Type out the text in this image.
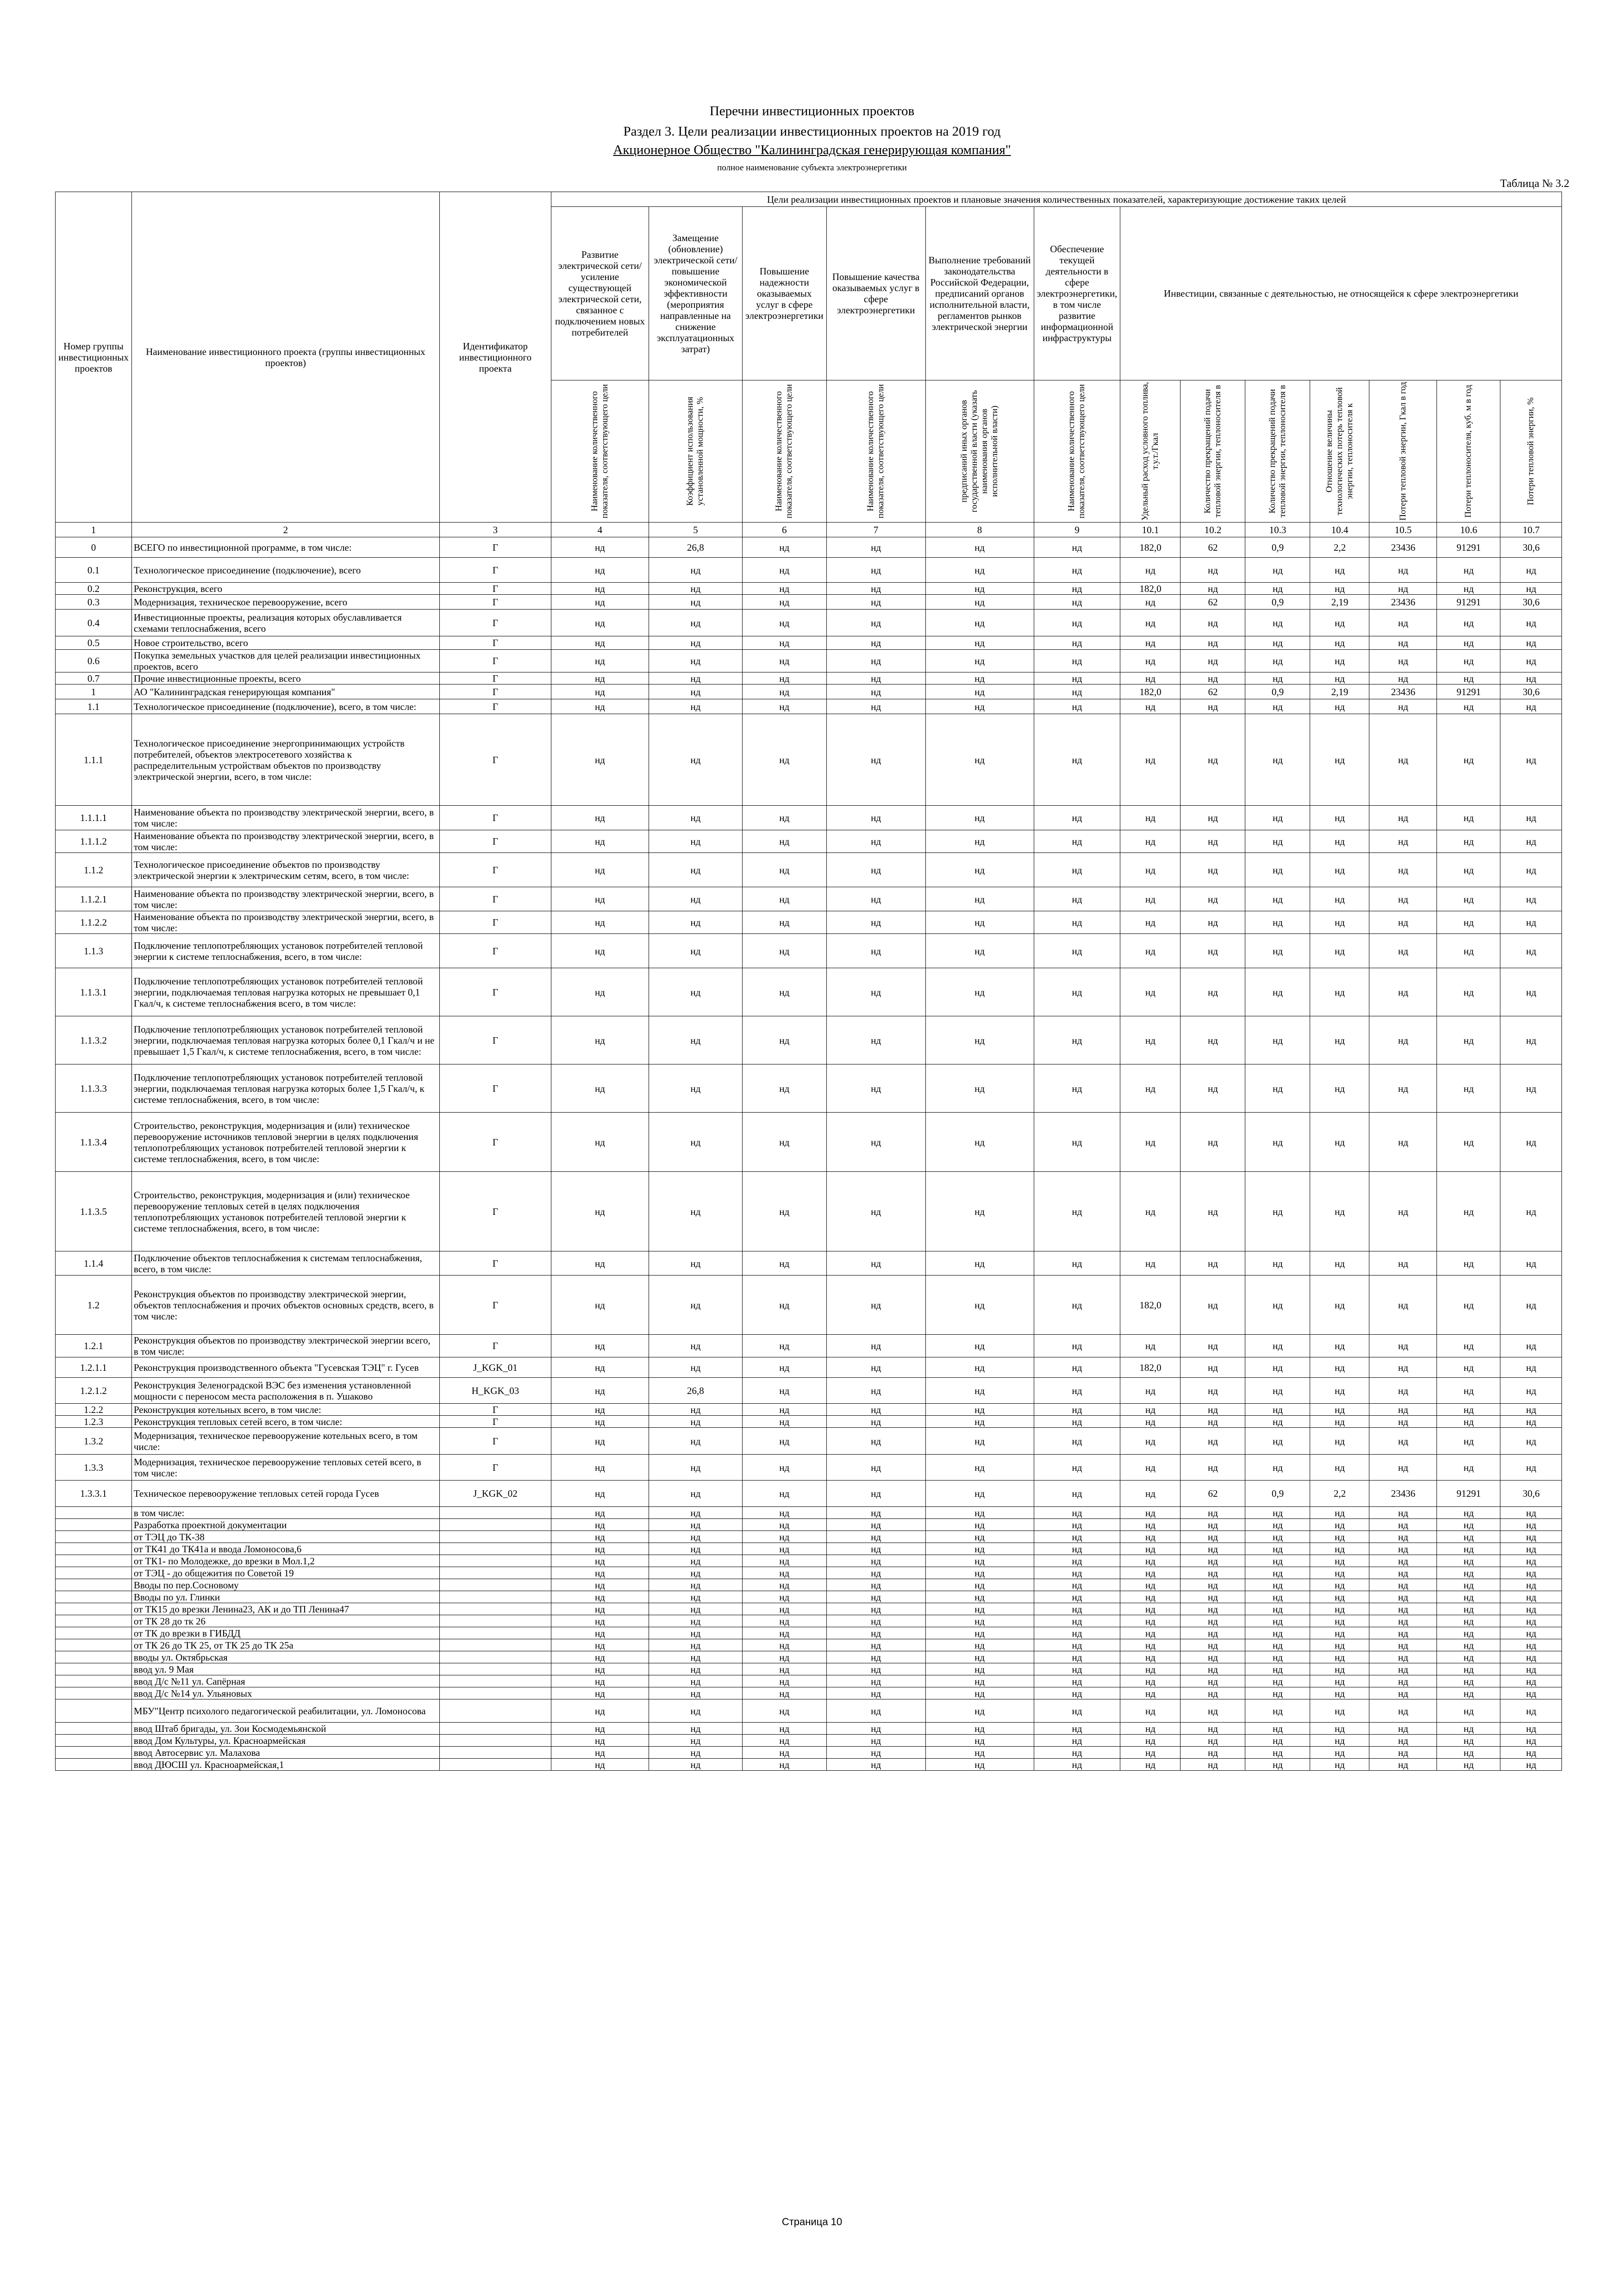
Перечни инвестиционных проектов
Раздел 3. Цели реализации инвестиционных проектов на 2019 год
Акционерное Общество "Калининградская генерирующая компания"
полное наименование субъекта электроэнергетики
Таблица № 3.2
Номер группы инвестиционных проектов	Наименование инвестиционного проекта (группы инвестиционных проектов)	Идентификатор инвестиционного проекта	Цели реализации инвестиционных проектов и плановые значения количественных показателей, характеризующие достижение таких целей												
			Развитие электрической сети/усиление существующей электрической сети, связанное с подключением новых потребителей	Замещение (обновление) электрической сети/повышение экономической эффективности (мероприятия направленные на снижение эксплуатационных затрат)	Повышение надежности оказываемых услуг в сфере электроэнергетики	Повышение качества оказываемых услуг в сфере электроэнергетики	Выполнение требований законодательства Российской Федерации, предписаний органов исполнительной власти, регламентов рынков электрической энергии	Обеспечение текущей деятельности в сфере электроэнергетики, в том числе развитие информационной инфраструктуры	Инвестиции, связанные с деятельностью, не относящейся к сфере электроэнергетики						

			Наименование количественного показателя, соответствующего цели	Коэффициент использования установленной мощности, %	Наименование количественного показателя, соответствующего цели	Наименование количественного показателя, соответствующего цели	предписаний иных органов государственной власти (указать наименования органов исполнительной власти)	Наименование количественного показателя, соответствующего цели	Удельный расход условного топлива, т.у.т./Гкал	Количество прекращений подачи тепловой энергии, теплоносителя в	Количество прекращений подачи тепловой энергии, теплоносителя в	Отношение величины технологических потерь тепловой энергии, теплоносителя к	Потери тепловой энергии, Гкал в год	Потери теплоносителя, куб. м в год	Потери тепловой энергии, %

1	2	3	4	5	6	7	8	9	10.1	10.2	10.3	10.4	10.5	10.6	10.7
0	ВСЕГО по инвестиционной программе, в том числе:	Г	нд	26,8	нд	нд	нд	нд	182,0	62	0,9	2,2	23436	91291	30,6
0.1	Технологическое присоединение (подключение), всего	Г	нд	нд	нд	нд	нд	нд	нд	нд	нд	нд	нд	нд	нд
0.2	Реконструкция, всего	Г	нд	нд	нд	нд	нд	нд	182,0	нд	нд	нд	нд	нд	нд
0.3	Модернизация, техническое перевооружение, всего	Г	нд	нд	нд	нд	нд	нд	нд	62	0,9	2,19	23436	91291	30,6
0.4	Инвестиционные проекты, реализация которых обуславливается схемами теплоснабжения, всего	Г	нд	нд	нд	нд	нд	нд	нд	нд	нд	нд	нд	нд	нд
0.5	Новое строительство, всего	Г	нд	нд	нд	нд	нд	нд	нд	нд	нд	нд	нд	нд	нд
0.6	Покупка земельных участков для целей реализации инвестиционных проектов, всего	Г	нд	нд	нд	нд	нд	нд	нд	нд	нд	нд	нд	нд	нд
0.7	Прочие инвестиционные проекты, всего	Г	нд	нд	нд	нд	нд	нд	нд	нд	нд	нд	нд	нд	нд
1	АО "Калининградская генерирующая компания"	Г	нд	нд	нд	нд	нд	нд	182,0	62	0,9	2,19	23436	91291	30,6
1.1	Технологическое присоединение (подключение), всего, в том числе:	Г	нд	нд	нд	нд	нд	нд	нд	нд	нд	нд	нд	нд	нд
1.1.1	Технологическое присоединение энергопринимающих устройств потребителей, объектов электросетевого хозяйства к распределительным устройствам объектов по производству электрической энергии, всего, в том числе:	Г	нд	нд	нд	нд	нд	нд	нд	нд	нд	нд	нд	нд	нд
1.1.1.1	Наименование объекта по производству электрической энергии, всего, в том числе:	Г	нд	нд	нд	нд	нд	нд	нд	нд	нд	нд	нд	нд	нд
1.1.1.2	Наименование объекта по производству электрической энергии, всего, в том числе:	Г	нд	нд	нд	нд	нд	нд	нд	нд	нд	нд	нд	нд	нд
1.1.2	Технологическое присоединение объектов по производству электрической энергии к электрическим сетям, всего, в том числе:	Г	нд	нд	нд	нд	нд	нд	нд	нд	нд	нд	нд	нд	нд
1.1.2.1	Наименование объекта по производству электрической энергии, всего, в том числе:	Г	нд	нд	нд	нд	нд	нд	нд	нд	нд	нд	нд	нд	нд
1.1.2.2	Наименование объекта по производству электрической энергии, всего, в том числе:	Г	нд	нд	нд	нд	нд	нд	нд	нд	нд	нд	нд	нд	нд
1.1.3	Подключение теплопотребляющих установок потребителей тепловой энергии к системе теплоснабжения, всего, в том числе:	Г	нд	нд	нд	нд	нд	нд	нд	нд	нд	нд	нд	нд	нд
1.1.3.1	Подключение теплопотребляющих установок потребителей тепловой энергии, подключаемая тепловая нагрузка которых не превышает 0,1 Гкал/ч, к системе теплоснабжения всего, в том числе:	Г	нд	нд	нд	нд	нд	нд	нд	нд	нд	нд	нд	нд	нд
1.1.3.2	Подключение теплопотребляющих установок потребителей тепловой энергии, подключаемая тепловая нагрузка которых более 0,1 Гкал/ч и не превышает 1,5 Гкал/ч, к системе теплоснабжения, всего, в том числе:	Г	нд	нд	нд	нд	нд	нд	нд	нд	нд	нд	нд	нд	нд
1.1.3.3	Подключение теплопотребляющих установок потребителей тепловой энергии, подключаемая тепловая нагрузка которых более 1,5 Гкал/ч, к системе теплоснабжения, всего, в том числе:	Г	нд	нд	нд	нд	нд	нд	нд	нд	нд	нд	нд	нд	нд
1.1.3.4	Строительство, реконструкция, модернизация и (или) техническое перевооружение источников тепловой энергии в целях подключения теплопотребляющих установок потребителей тепловой энергии к системе теплоснабжения, всего, в том числе:	Г	нд	нд	нд	нд	нд	нд	нд	нд	нд	нд	нд	нд	нд
1.1.3.5	Строительство, реконструкция, модернизация и (или) техническое перевооружение тепловых сетей в целях подключения теплопотребляющих установок потребителей тепловой энергии к системе теплоснабжения, всего, в том числе:	Г	нд	нд	нд	нд	нд	нд	нд	нд	нд	нд	нд	нд	нд
1.1.4	Подключение объектов теплоснабжения к системам теплоснабжения, всего, в том числе:	Г	нд	нд	нд	нд	нд	нд	нд	нд	нд	нд	нд	нд	нд
1.2	Реконструкция объектов по производству электрической энергии, объектов теплоснабжения и прочих объектов основных средств, всего, в том числе:	Г	нд	нд	нд	нд	нд	нд	182,0	нд	нд	нд	нд	нд	нд
1.2.1	Реконструкция объектов по производству электрической энергии всего, в том числе:	Г	нд	нд	нд	нд	нд	нд	нд	нд	нд	нд	нд	нд	нд
1.2.1.1	Реконструкция производственного объекта "Гусевская ТЭЦ" г. Гусев	J_KGK_01	нд	нд	нд	нд	нд	нд	182,0	нд	нд	нд	нд	нд	нд
1.2.1.2	Реконструкция Зеленоградской ВЭС без изменения установленной мощности с переносом места расположения в п. Ушаково	H_KGK_03	нд	26,8	нд	нд	нд	нд	нд	нд	нд	нд	нд	нд	нд
1.2.2	Реконструкция котельных всего, в том числе:	Г	нд	нд	нд	нд	нд	нд	нд	нд	нд	нд	нд	нд	нд
1.2.3	Реконструкция тепловых сетей всего, в том числе:	Г	нд	нд	нд	нд	нд	нд	нд	нд	нд	нд	нд	нд	нд
1.3.2	Модернизация, техническое перевооружение котельных всего, в том числе:	Г	нд	нд	нд	нд	нд	нд	нд	нд	нд	нд	нд	нд	нд
1.3.3	Модернизация, техническое перевооружение тепловых сетей всего, в том числе:	Г	нд	нд	нд	нд	нд	нд	нд	нд	нд	нд	нд	нд	нд
1.3.3.1	Техническое перевооружение тепловых сетей города Гусев	J_KGK_02	нд	нд	нд	нд	нд	нд	нд	62	0,9	2,2	23436	91291	30,6
	в том числе:		нд	нд	нд	нд	нд	нд	нд	нд	нд	нд	нд	нд	нд
	Разработка проектной документации		нд	нд	нд	нд	нд	нд	нд	нд	нд	нд	нд	нд	нд
	от ТЭЦ до ТК-38		нд	нд	нд	нд	нд	нд	нд	нд	нд	нд	нд	нд	нд
	от ТК41 до ТК41а и ввода Ломоносова,6		нд	нд	нд	нд	нд	нд	нд	нд	нд	нд	нд	нд	нд
	от ТК1- по Молодежке, до врезки в Мол.1,2		нд	нд	нд	нд	нд	нд	нд	нд	нд	нд	нд	нд	нд
	от ТЭЦ - до общежития по Советой 19		нд	нд	нд	нд	нд	нд	нд	нд	нд	нд	нд	нд	нд
	Вводы по пер.Сосновому		нд	нд	нд	нд	нд	нд	нд	нд	нд	нд	нд	нд	нд
	Вводы по ул. Глинки		нд	нд	нд	нд	нд	нд	нд	нд	нд	нд	нд	нд	нд
	от ТК15 до врезки Ленина23, АК и до ТП Ленина47		нд	нд	нд	нд	нд	нд	нд	нд	нд	нд	нд	нд	нд
	от ТК 28 до тк 26		нд	нд	нд	нд	нд	нд	нд	нд	нд	нд	нд	нд	нд
	от ТК до врезки в ГИБДД		нд	нд	нд	нд	нд	нд	нд	нд	нд	нд	нд	нд	нд
	от ТК 26 до ТК 25, от ТК 25 до ТК 25а		нд	нд	нд	нд	нд	нд	нд	нд	нд	нд	нд	нд	нд
	вводы ул. Октябрьская		нд	нд	нд	нд	нд	нд	нд	нд	нд	нд	нд	нд	нд
	ввод ул. 9 Мая		нд	нд	нд	нд	нд	нд	нд	нд	нд	нд	нд	нд	нд
	ввод Д/с №11 ул. Сапёрная		нд	нд	нд	нд	нд	нд	нд	нд	нд	нд	нд	нд	нд
	ввод Д/с №14 ул. Ульяновых		нд	нд	нд	нд	нд	нд	нд	нд	нд	нд	нд	нд	нд
	МБУ"Центр психолого педагогической реабилитации, ул. Ломоносова		нд	нд	нд	нд	нд	нд	нд	нд	нд	нд	нд	нд	нд
	ввод Штаб бригады, ул. Зои Космодемьянской		нд	нд	нд	нд	нд	нд	нд	нд	нд	нд	нд	нд	нд
	ввод Дом Культуры, ул. Красноармейская		нд	нд	нд	нд	нд	нд	нд	нд	нд	нд	нд	нд	нд
	ввод Автосервис ул. Малахова		нд	нд	нд	нд	нд	нд	нд	нд	нд	нд	нд	нд	нд
	ввод ДЮСШ ул. Красноармейская,1		нд	нд	нд	нд	нд	нд	нд	нд	нд	нд	нд	нд	нд
Страница 10
